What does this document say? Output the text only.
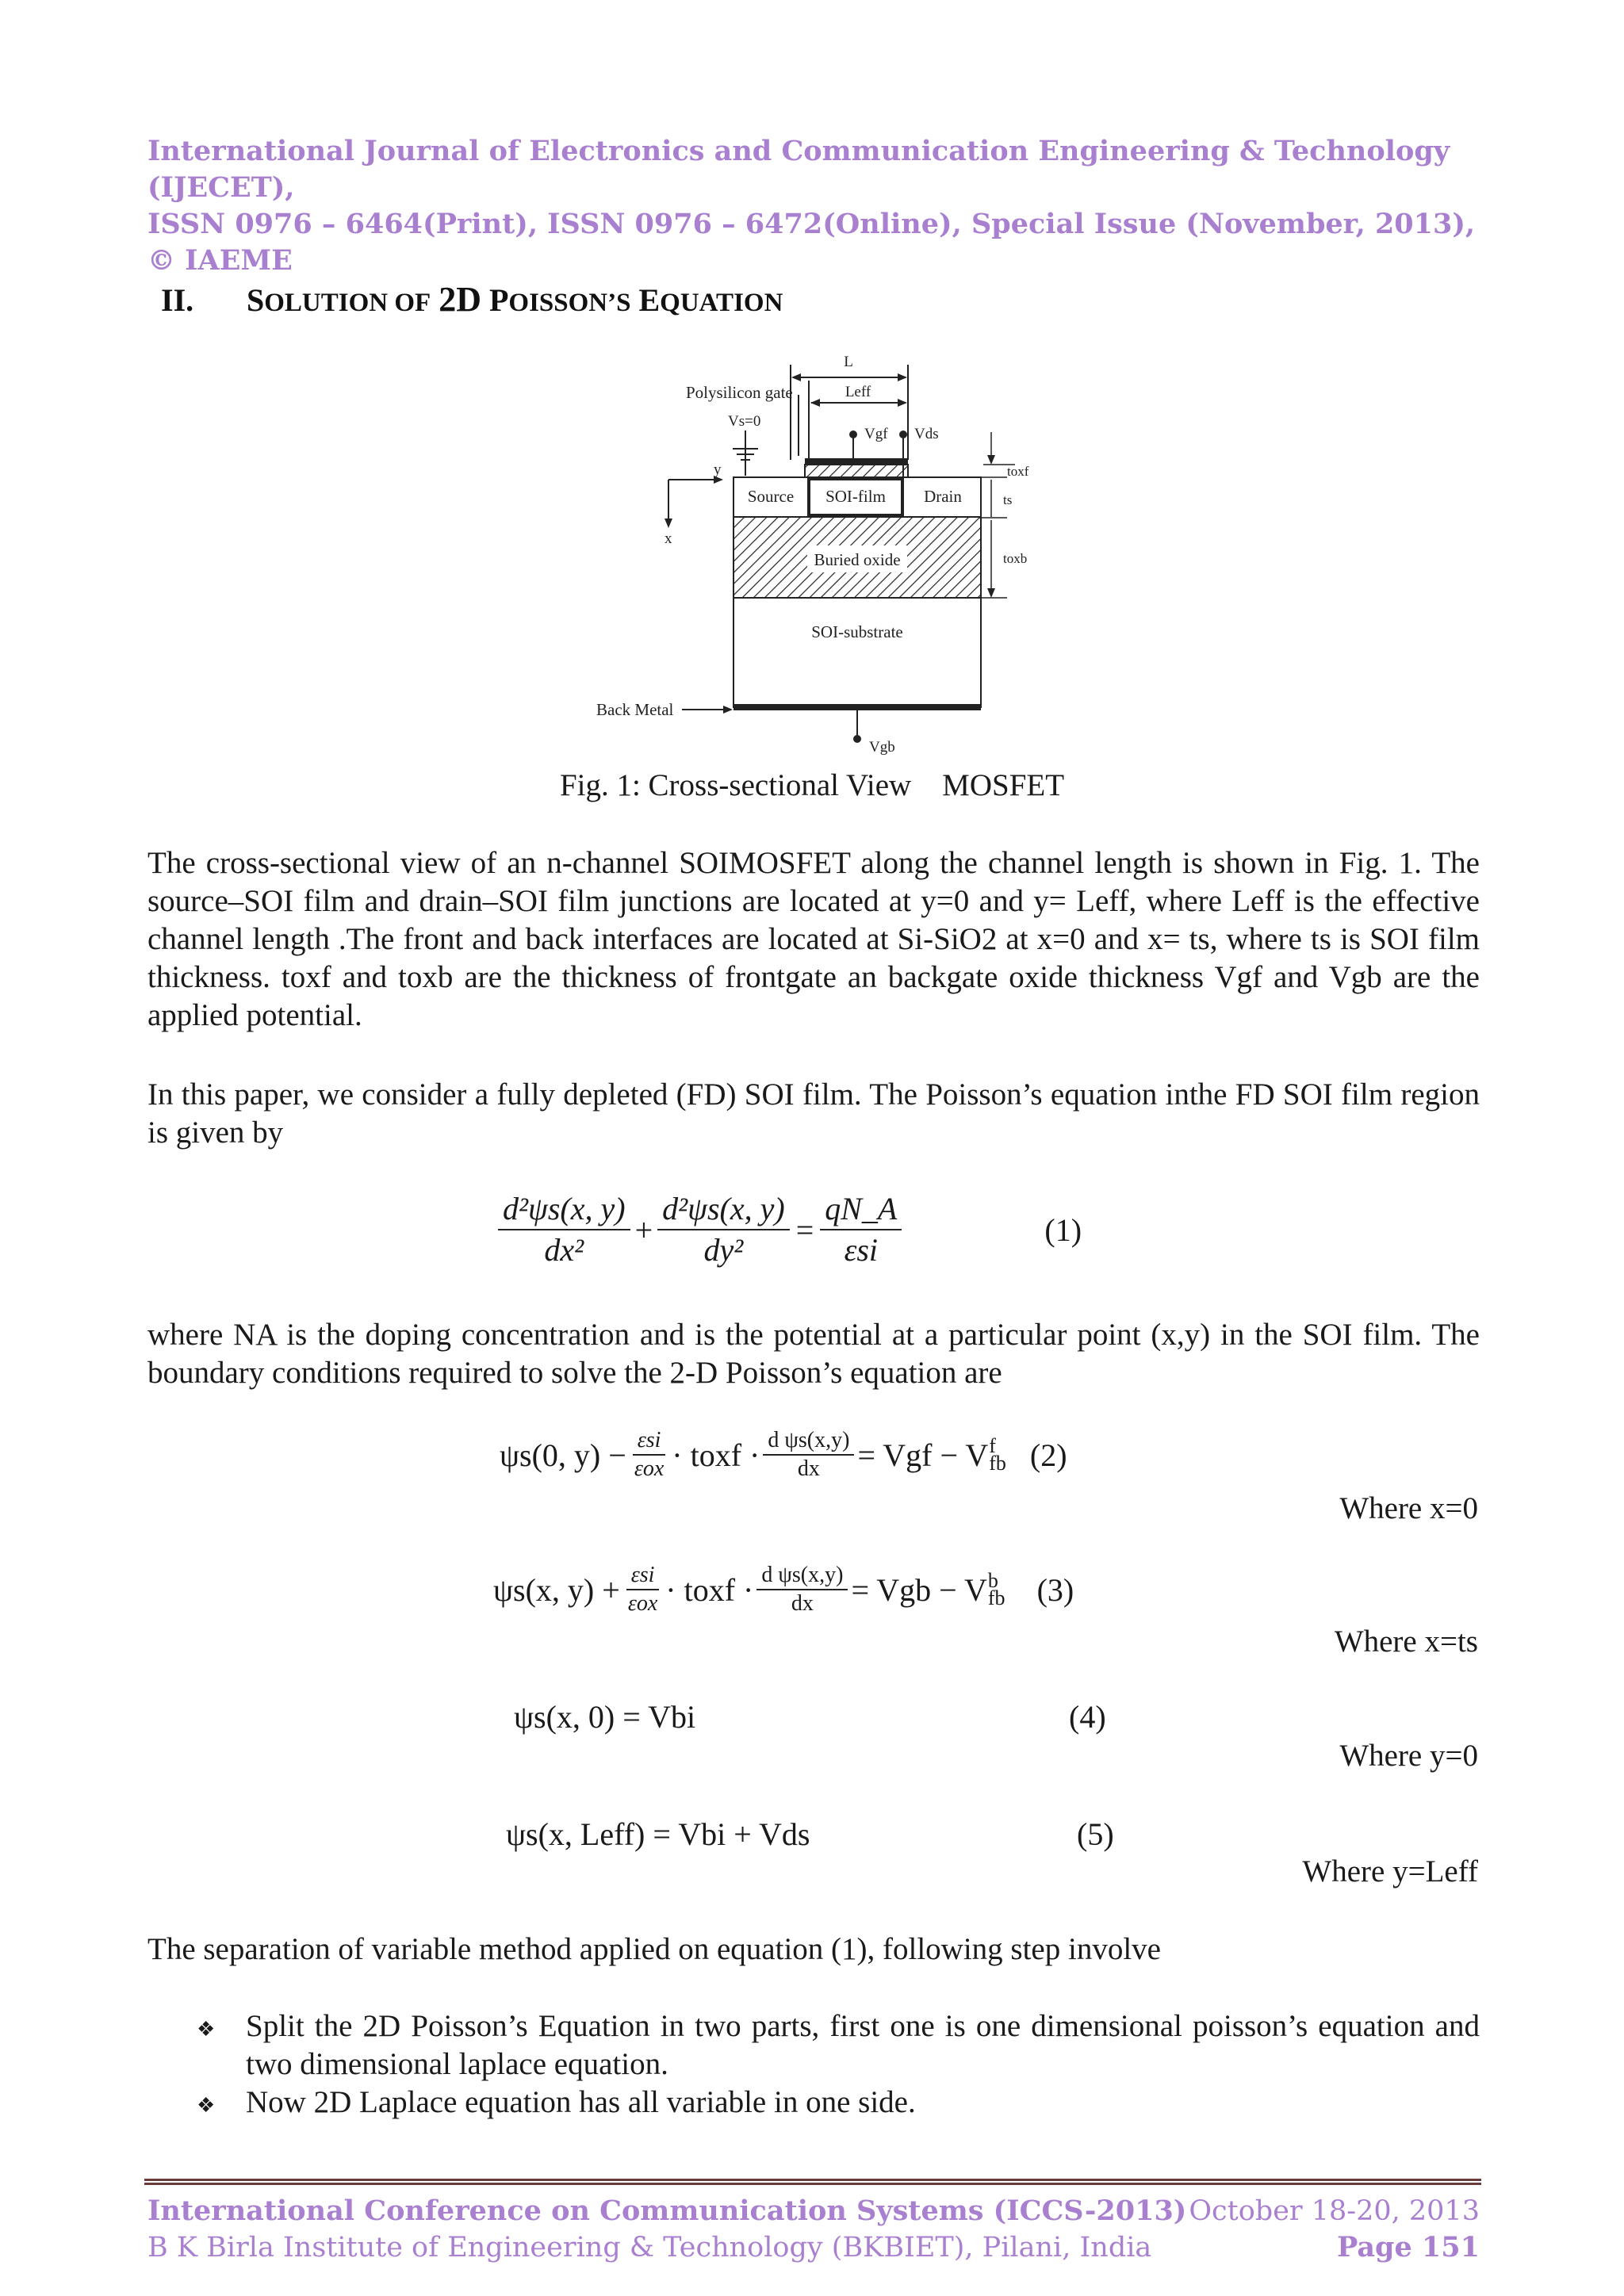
International Journal of Electronics and Communication Engineering & Technology (IJECET),
ISSN 0976 – 6464(Print), ISSN 0976 – 6472(Online), Special Issue (November, 2013), © IAEME
II. SOLUTION OF 2D POISSON’S EQUATION
L
Leff
Polysilicon gate
Vs=0
Vgf Vds
toxf
ts
toxb
y
x
Source SOI-film Drain
Buried oxide
SOI-substrate
Back Metal
Vgb
Fig. 1: Cross-sectional View    MOSFET
The cross-sectional view of an n-channel SOIMOSFET along the channel length is shown in Fig. 1. The source–SOI film and drain–SOI film junctions are located at y=0 and y= Leff, where Leff is the effective channel length .The front and back interfaces are located at Si-SiO2 at x=0 and x= ts, where ts is SOI film thickness. toxf and toxb are the thickness of frontgate an backgate oxide thickness Vgf and Vgb are the applied potential.
In this paper, we consider a fully depleted (FD) SOI film. The Poisson’s equation inthe FD SOI film region is given by
$\frac{\text{d²ψs(x, y)}}{\text{dx²}} + \frac{\text{d²ψs(x, y)}}{\text{dy²}} = \frac{qN\_A}{\text{εsi}}$	(1)
where NA is the doping concentration and is the potential at a particular point (x,y) in the SOI film. The boundary conditions required to solve the 2-D Poisson’s equation are
ψs(0, $y) - \frac{\text{εsi}}{\text{εox}}$ · toxf · $\frac{\text{d ψs(x,y)}}{dx}$ = Vgf − V f
fb (2)
Where x=0
ψs(x, $y) + \frac{\text{εsi}}{\text{εox}}$ · toxf · $\frac{\text{d ψs(x,y)}}{dx}$ = Vgb − V b
fb (3)
Where x=ts
ψs(x, 0) = Vbi	(4)
Where y=0
ψs(x, Leff) = Vbi + Vds	(5)
Where y=Leff
The separation of variable method applied on equation (1), following step involve
❖ Split the 2D Poisson’s Equation in two parts, first one is one dimensional poisson’s equation and two dimensional laplace equation.
❖ Now 2D Laplace equation has all variable in one side.
International Conference on Communication Systems (ICCS-2013) October 18-20, 2013
B K Birla Institute of Engineering & Technology (BKBIET), Pilani, India	Page 151
